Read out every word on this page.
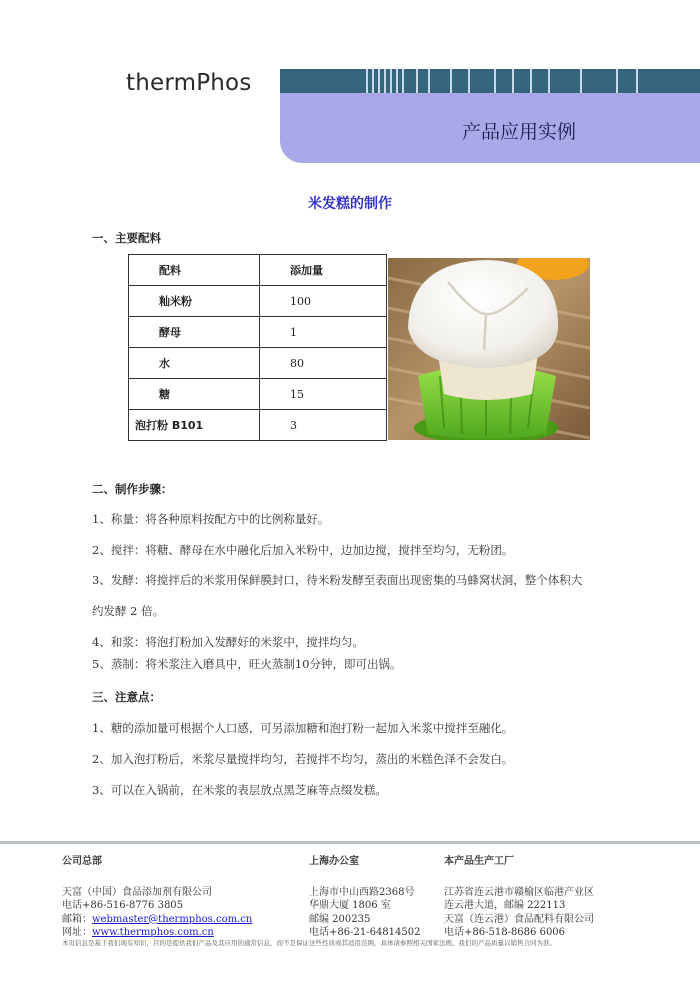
thermPhos
产品应用实例
米发糕的制作
一、主要配料
配料	添加量
籼米粉	100
酵母	1
水	80
糖	15
泡打粉 B101	3
二、制作步骤：
1、称量：将各种原料按配方中的比例称量好。
2、搅拌：将糖、酵母在水中融化后加入米粉中，边加边搅，搅拌至均匀，无粉团。
3、发酵：将搅拌后的米浆用保鲜膜封口，待米粉发酵至表面出现密集的马蜂窝状洞，整个体积大
约发酵 2 倍。
4、和浆：将泡打粉加入发酵好的米浆中，搅拌均匀。
5、蒸制：将米浆注入磨具中，旺火蒸制10分钟，即可出锅。
三、注意点：
1、糖的添加量可根据个人口感，可另添加糖和泡打粉一起加入米浆中搅拌至融化。
2、加入泡打粉后，米浆尽量搅拌均匀，若搅拌不均匀，蒸出的米糕色泽不会发白。
3、可以在入锅前，在米浆的表层放点黑芝麻等点缀发糕。
公司总部
天富（中国）食品添加剂有限公司
电话+86-516-8776 3805
邮箱：webmaster@thermphos.com.cn
网址：www.thermphos.com.cn
上海办公室
上海市中山西路2368号
华鼎大厦 1806 室
邮编 200235
电话+86-21-64814502
本产品生产工厂
江苏省连云港市赣榆区临港产业区
连云港大道，邮编 222113
天富（连云港）食品配料有限公司
电话+86-518-8686 6006
本页信息是基于我们现有知识，目的是提供我们产品及其应用的通常信息，而不是保证这些性质或其适用范围，具体请参照相关国家法规，我们的产品质量以销售合同为准。
